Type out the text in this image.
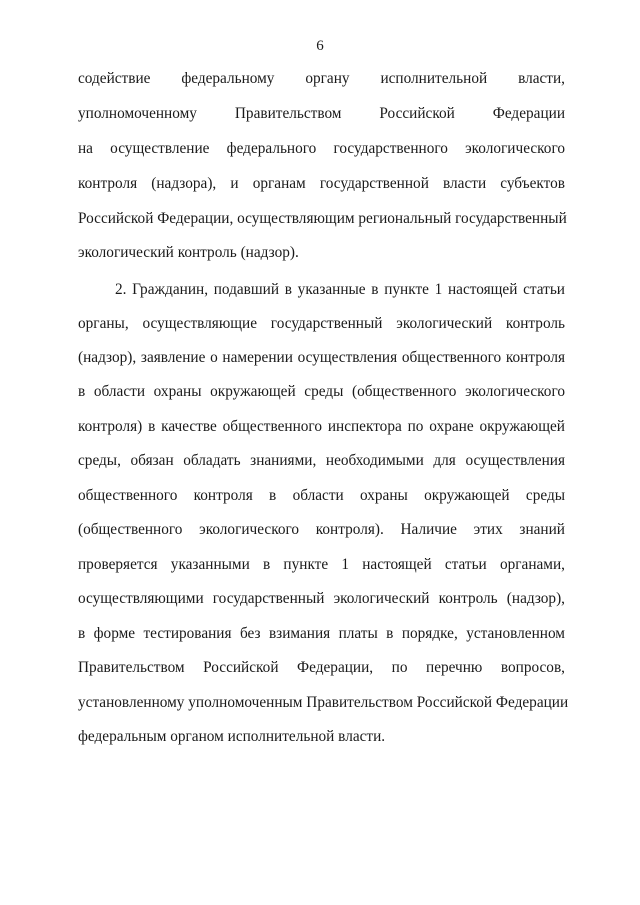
6
содействие федеральному органу исполнительной власти,
уполномоченному Правительством Российской Федерации
на осуществление федерального государственного экологического
контроля (надзора), и органам государственной власти субъектов
Российской Федерации, осуществляющим региональный государственный
экологический контроль (надзор).
2. Гражданин, подавший в указанные в пункте 1 настоящей статьи
органы, осуществляющие государственный экологический контроль
(надзор), заявление о намерении осуществления общественного контроля
в области охраны окружающей среды (общественного экологического
контроля) в качестве общественного инспектора по охране окружающей
среды, обязан обладать знаниями, необходимыми для осуществления
общественного контроля в области охраны окружающей среды
(общественного экологического контроля). Наличие этих знаний
проверяется указанными в пункте 1 настоящей статьи органами,
осуществляющими государственный экологический контроль (надзор),
в форме тестирования без взимания платы в порядке, установленном
Правительством Российской Федерации, по перечню вопросов,
установленному уполномоченным Правительством Российской Федерации
федеральным органом исполнительной власти.
